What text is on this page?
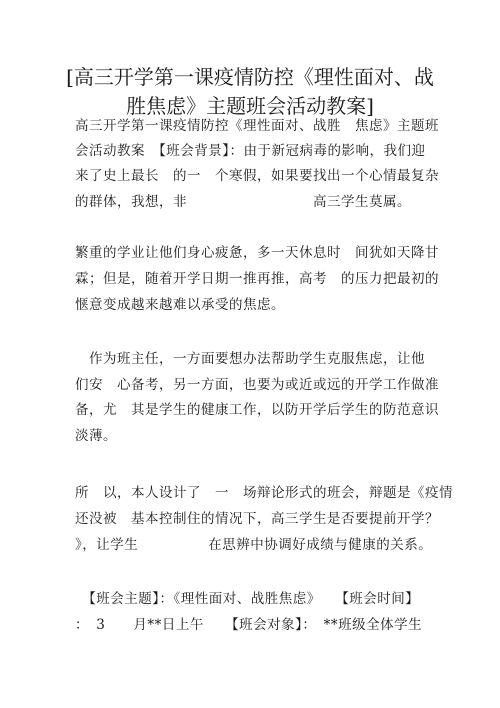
[高三开学第一课疫情防控《理性面对、战
胜焦虑》主题班会活动教案]
高三开学第一课疫情防控《理性面对、战胜　焦虑》主题班
会活动教案　【班会背景】：由于新冠病毒的影响，我们迎
来了史上最长　的一　个寒假，如果要找出一个心情最复杂
的群体，我想，非　　　　　　　　　高三学生莫属。
繁重的学业让他们身心疲惫，多一天休息时　间犹如天降甘
霖；但是，随着开学日期一推再推，高考　的压力把最初的
惬意变成越来越难以承受的焦虑。
　作为班主任，一方面要想办法帮助学生克服焦虑，让他
们安　心备考，另一方面，也要为或近或远的开学工作做准
备，尤　其是学生的健康工作，以防开学后学生的防范意识
淡薄。
所　以，本人设计了　一　场辩论形式的班会，辩题是《疫情
还没被　基本控制住的情况下，高三学生是否要提前开学？
》，让学生　　　　　在思辨中协调好成绩与健康的关系。
　【班会主题】：《理性面对、战胜焦虑》　　【班会时间】
：　3　　月**日上午　　【班会对象】：　**班级全体学生
